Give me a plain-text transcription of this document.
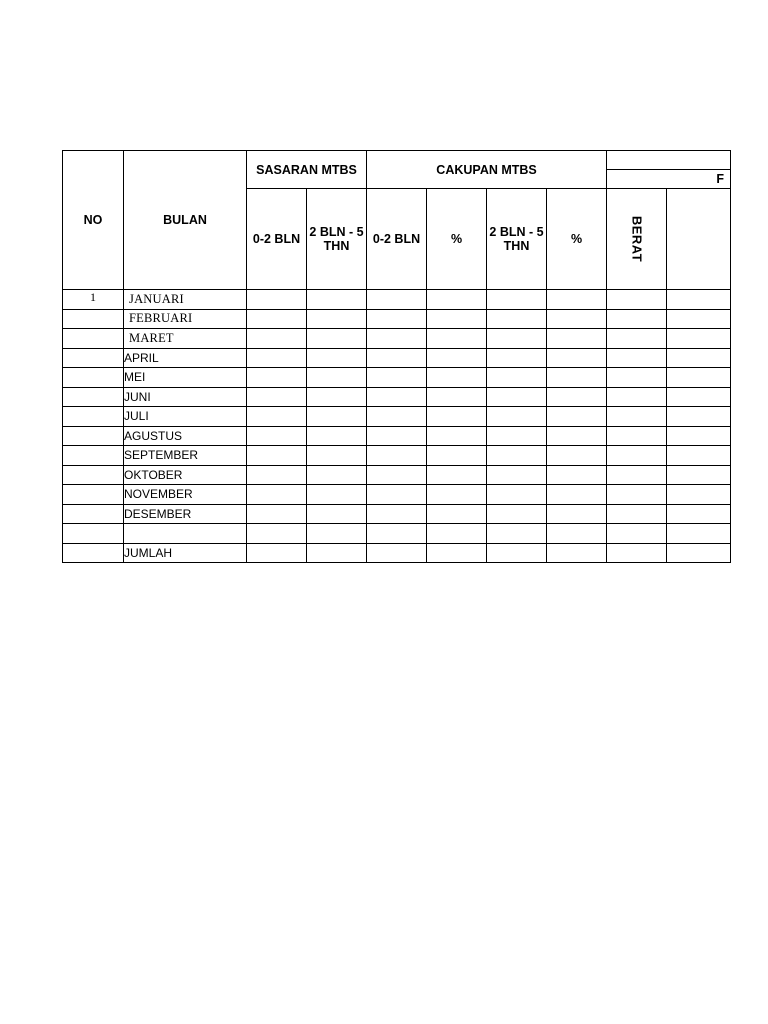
NO	BULAN	SASARAN MTBS		CAKUPAN MTBS					
								F	
		0-2 BLN	2 BLN - 5 THN	0-2 BLN	%	2 BLN - 5 THN	%	BERAT	

1	JANUARI								
	FEBRUARI								
	MARET								
	APRIL								
	MEI								
	JUNI								
	JULI								
	AGUSTUS								
	SEPTEMBER								
	OKTOBER								
	NOVEMBER								
	DESEMBER								

	JUMLAH								
